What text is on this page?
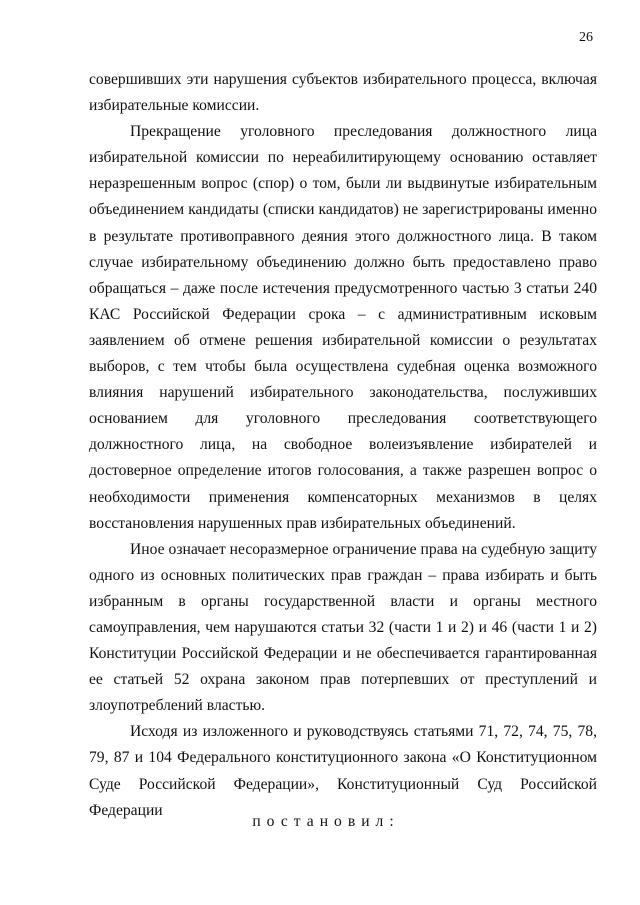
26

совершивших эти нарушения субъектов избирательного процесса, включая избирательные комиссии.

Прекращение уголовного преследования должностного лица избирательной комиссии по нереабилитирующему основанию оставляет неразрешенным вопрос (спор) о том, были ли выдвинутые избирательным объединением кандидаты (списки кандидатов) не зарегистрированы именно в результате противоправного деяния этого должностного лица. В таком случае избирательному объединению должно быть предоставлено право обращаться – даже после истечения предусмотренного частью 3 статьи 240 КАС Российской Федерации срока – с административным исковым заявлением об отмене решения избирательной комиссии о результатах выборов, с тем чтобы была осуществлена судебная оценка возможного влияния нарушений избирательного законодательства, послуживших основанием для уголовного преследования соответствующего должностного лица, на свободное волеизъявление избирателей и достоверное определение итогов голосования, а также разрешен вопрос о необходимости применения компенсаторных механизмов в целях восстановления нарушенных прав избирательных объединений.

Иное означает несоразмерное ограничение права на судебную защиту одного из основных политических прав граждан – права избирать и быть избранным в органы государственной власти и органы местного самоуправления, чем нарушаются статьи 32 (части 1 и 2) и 46 (части 1 и 2) Конституции Российской Федерации и не обеспечивается гарантированная ее статьей 52 охрана законом прав потерпевших от преступлений и злоупотреблений властью.

Исходя из изложенного и руководствуясь статьями 71, 72, 74, 75, 78, 79, 87 и 104 Федерального конституционного закона «О Конституционном Суде Российской Федерации», Конституционный Суд Российской Федерации

постановил:
